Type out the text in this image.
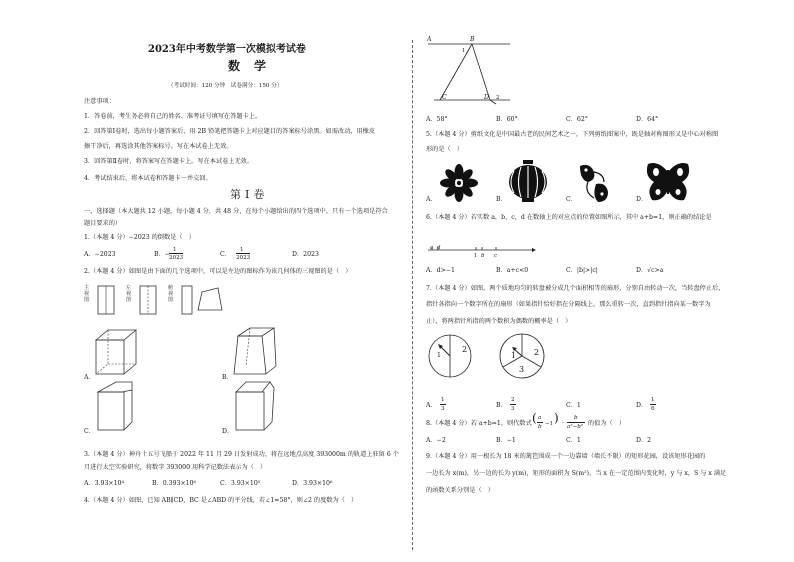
2023年中考数学第一次模拟考试卷
数学
（考试时间：120 分钟　试卷满分：150 分）
注意事项：
1．答卷前，考生务必将自己的姓名、准考证号填写在答题卡上。
2．回答第Ⅰ卷时，选出每小题答案后，用 2B 铅笔把答题卡上对应题目的答案标号涂黑。如需改动，用橡皮
擦干净后，再选涂其他答案标号。写在本试卷上无效。
3．回答第Ⅱ卷时，将答案写在答题卡上。写在本试卷上无效。
4．考试结束后，将本试卷和答题卡一并交回。
第Ⅰ卷
一、选择题（本大题共 12 小题，每小题 4 分，共 48 分，在每个小题给出的四个选项中，只有一个选项是符合
题目要求的）
1.（本题 4 分）−2023 的倒数是（　）
A．−2023	B．−
1
2023	C．
1
2023	D．2023
2.（本题 4 分）如图是由下面的几个选项中，可以是左边的图标作为该几何体的三视图的是（　）
主视图
左视图
俯视图
A．	B．
C．	D．
3.（本题 4 分）神舟十五号飞船于 2022 年 11 月 29 日发射成功，将在远地点高度 393000m 的轨道上驻留 6 个
月进行太空实验研究，将数字 393000 用科学记数法表示为（　）
A．3.93×10⁴	B．0.393×10⁶	C．3.93×10⁵	D．3.93×10⁶
4.（本题 4 分）如图，已知 AB∥CD，BC 是∠ABD 的平分线，若∠1=58°，则∠2 的度数为（　）
A	B
1
C	D 2
A．58°	B．60°	C．62°	D．64°
5.（本题 4 分）剪纸文化是中国最古老的民间艺术之一，下列剪纸图案中，既是轴对称图形又是中心对称图
形的是（　）
A．	B．	C．	D．
6.（本题 4 分）若实数 a，b，c，d 在数轴上的对应点的位置如图所示，其中 a+b=1，则正确的结论是
a d
1 b c
A．d>−1	B．a+c<0	C．|b|>|c|	D．√c>a
7.（本题 4 分）如图，两个质地均匀的转盘被分成几个面积相等的扇形，分别自由转动一次，当转盘停止后，
指针各指向一个数字所在的扇形（如果指针恰好指在分隔线上，那么重转一次，直到指针指向某一数字为
止），将两指针所指的两个数积为偶数的概率是（　）
1
2
1 2
3
A．
1
3	B．
2
3	C．1	D．
1
6
8.（本题 4 分）若 a+b=1，则代数式 ( a
b −1 ) ·
b
a²−b² 的值为（　）
A．−2	B．−1	C．1	D．2
9.（本题 4 分）用一根长为 18 米的篱笆围成一个一边靠墙（墙长不限）的矩形花园，设该矩形花园的
一边长为 x(m)，另一边的长为 y(m)，矩形的面积为 S(m²)，当 x 在一定范围内变化时，y 与 x，S 与 x 满足
的函数关系分别是（　）
